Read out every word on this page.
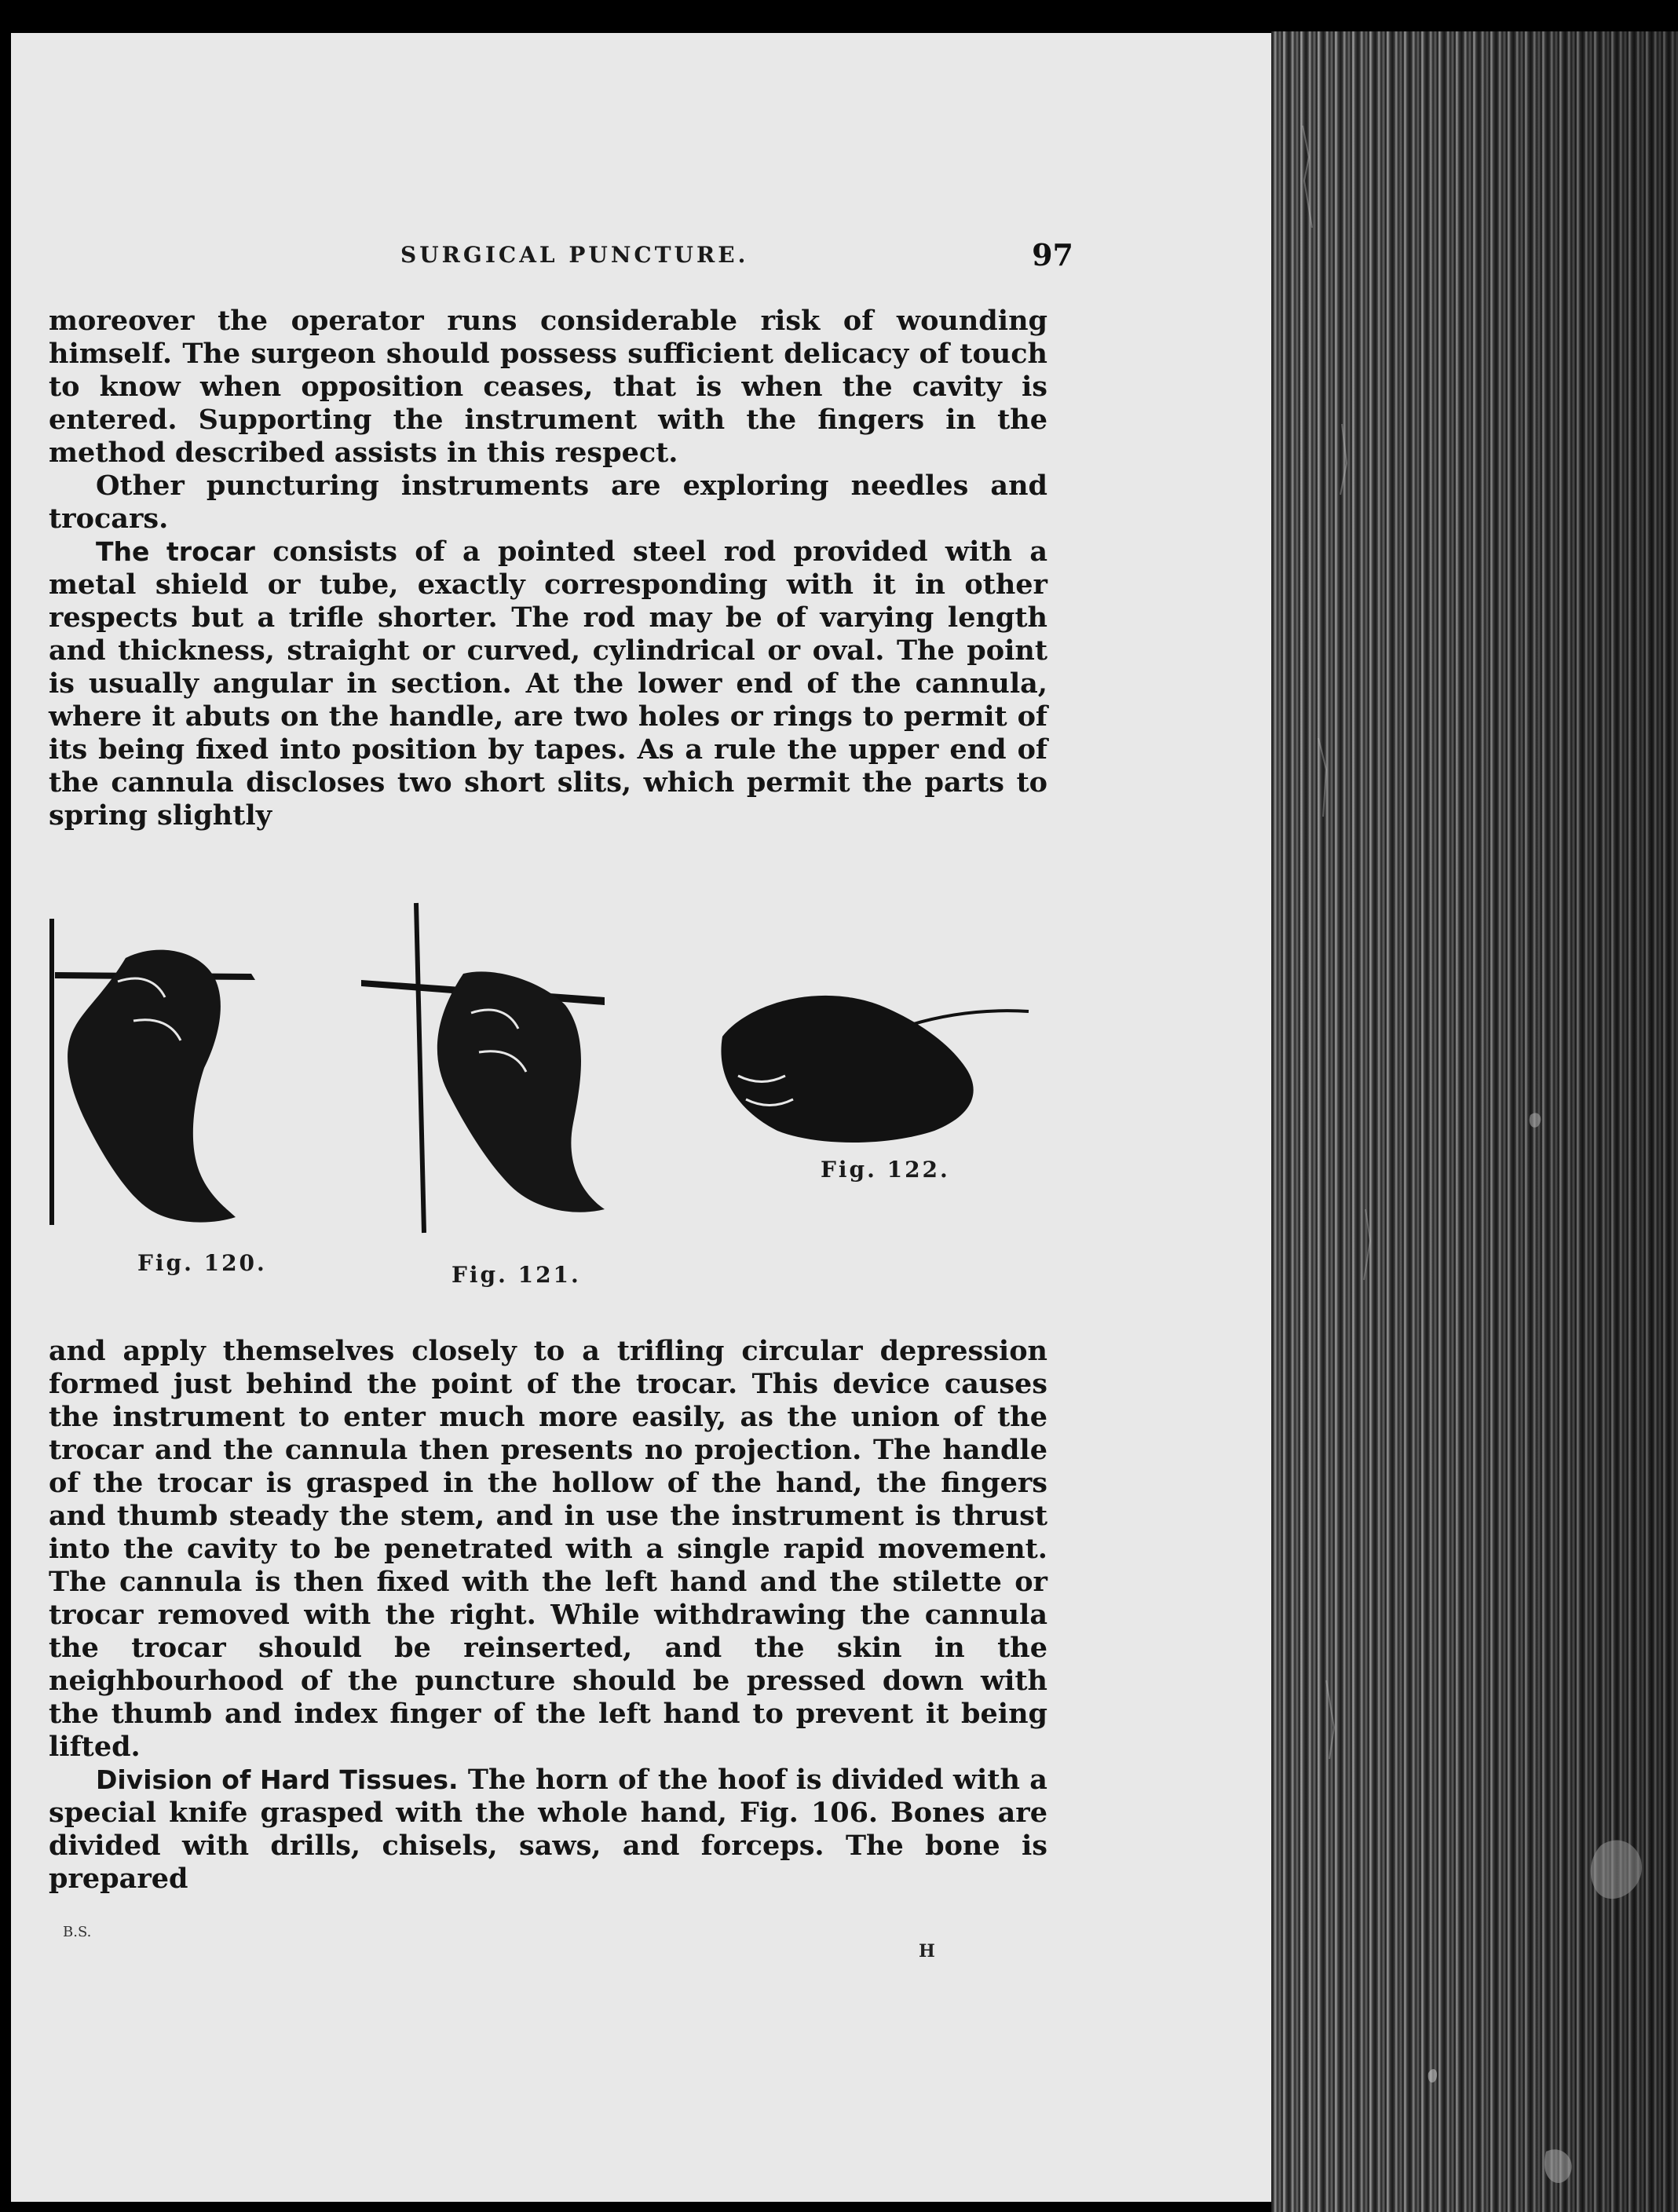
SURGICAL PUNCTURE.	97

moreover the operator runs considerable risk of wounding himself. The surgeon should possess sufficient delicacy of touch to know when opposition ceases, that is when the cavity is entered. Supporting the instrument with the fingers in the method described assists in this respect.

Other puncturing instruments are exploring needles and trocars.

The trocar consists of a pointed steel rod provided with a metal shield or tube, exactly corresponding with it in other respects but a trifle shorter. The rod may be of varying length and thickness, straight or curved, cylindrical or oval. The point is usually angular in section. At the lower end of the cannula, where it abuts on the handle, are two holes or rings to permit of its being fixed into position by tapes. As a rule the upper end of the cannula discloses two short slits, which permit the parts to spring slightly

Fig. 120.	Fig. 121.
Fig. 122.

and apply themselves closely to a trifling circular depression formed just behind the point of the trocar. This device causes the instrument to enter much more easily, as the union of the trocar and the cannula then presents no projection. The handle of the trocar is grasped in the hollow of the hand, the fingers and thumb steady the stem, and in use the instrument is thrust into the cavity to be penetrated with a single rapid movement. The cannula is then fixed with the left hand and the stilette or trocar removed with the right. While withdrawing the cannula the trocar should be reinserted, and the skin in the neighbourhood of the puncture should be pressed down with the thumb and index finger of the left hand to prevent it being lifted.

Division of Hard Tissues. The horn of the hoof is divided with a special knife grasped with the whole hand, Fig. 106. Bones are divided with drills, chisels, saws, and forceps. The bone is prepared

B.S.
H
